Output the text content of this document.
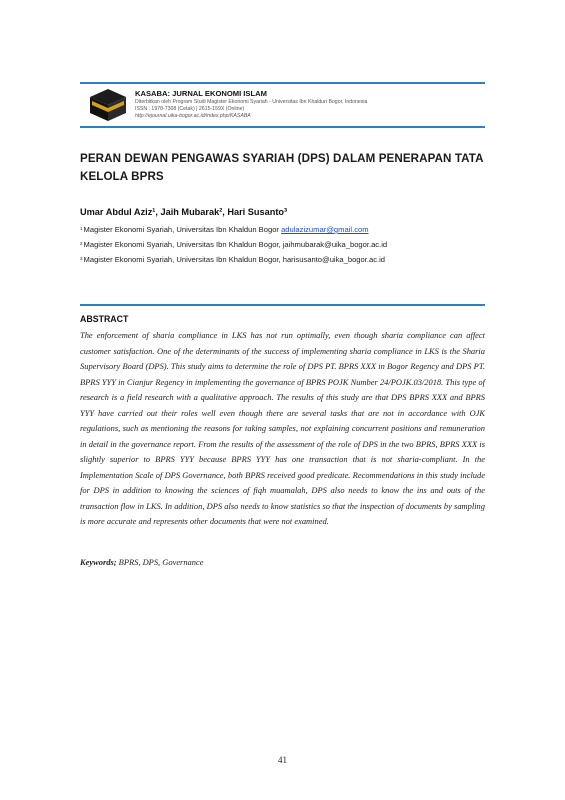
KASABA: JURNAL EKONOMI ISLAM
Diterbitkan oleh Program Studi Magister Ekonomi Syariah - Universitas Ibn Khaldun Bogor, Indonesia
ISSN : 1978-7308 (Cetak) | 2615-159X (Online)
http://ejournal.uika-bogor.ac.id/index.php/KASABA
PERAN DEWAN PENGAWAS SYARIAH (DPS) DALAM PENERAPAN TATA KELOLA BPRS
Umar Abdul Aziz¹, Jaih Mubarak², Hari Susanto³
$^1$Magister Ekonomi Syariah, Universitas Ibn Khaldun Bogor adulazizumar@gmail.com
$^2$Magister Ekonomi Syariah, Universitas Ibn Khaldun Bogor, jaihmubarak@uika_bogor.ac.id
$^3$Magister Ekonomi Syariah, Universitas Ibn Khaldun Bogor, harisusanto@uika_bogor.ac.id
ABSTRACT

The enforcement of sharia compliance in LKS has not run optimally, even though sharia compliance can affect customer satisfaction. One of the determinants of the success of implementing sharia compliance in LKS is the Sharia Supervisory Board (DPS). This study aims to determine the role of DPS PT. BPRS XXX in Bogor Regency and DPS PT. BPRS YYY in Cianjur Regency in implementing the governance of BPRS POJK Number 24/POJK.03/2018. This type of research is a field research with a qualitative approach. The results of this study are that DPS BPRS XXX and BPRS YYY have carried out their roles well even though there are several tasks that are not in accordance with OJK regulations, such as mentioning the reasons for taking samples, not explaining concurrent positions and remuneration in detail in the governance report. From the results of the assessment of the role of DPS in the two BPRS, BPRS XXX is slightly superior to BPRS YYY because BPRS YYY has one transaction that is not sharia-compliant. In the Implementation Scale of DPS Governance, both BPRS received good predicate. Recommendations in this study include for DPS in addition to knowing the sciences of fiqh muamalah, DPS also needs to know the ins and outs of the transaction flow in LKS. In addition, DPS also needs to know statistics so that the inspection of documents by sampling is more accurate and represents other documents that were not examined.

Keywords; BPRS, DPS, Governance
41
